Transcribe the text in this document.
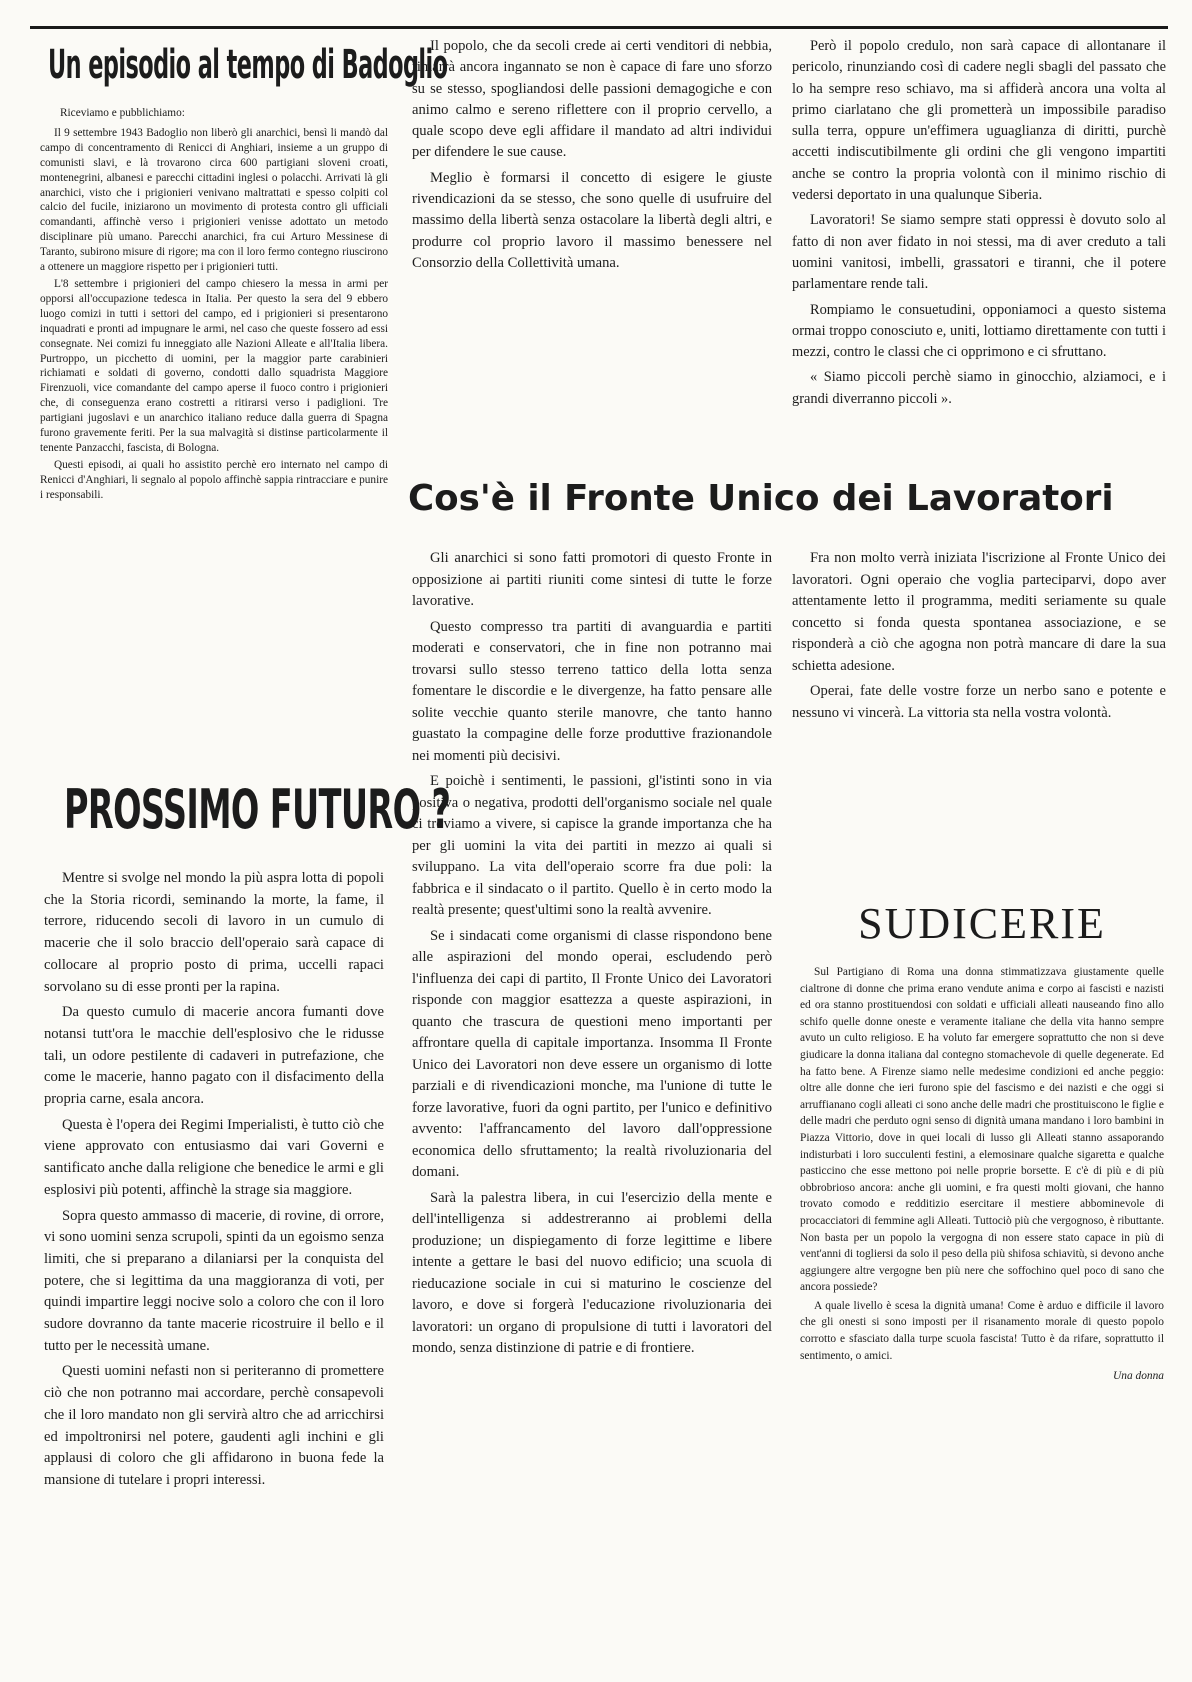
Un episodio al tempo di Badoglio

Riceviamo e pubblichiamo:

Il 9 settembre 1943 Badoglio non liberò gli anarchici, bensì li mandò dal campo di concentramento di Renicci di Anghiari, insieme a un gruppo di comunisti slavi, e là trovarono circa 600 partigiani sloveni croati, montenegrini, albanesi e parecchi cittadini inglesi o polacchi. Arrivati là gli anarchici, visto che i prigionieri venivano maltrattati e spesso colpiti col calcio del fucile, iniziarono un movimento di protesta contro gli ufficiali comandanti, affinchè verso i prigionieri venisse adottato un metodo disciplinare più umano. Parecchi anarchici, fra cui Arturo Messinese di Taranto, subirono misure di rigore; ma con il loro fermo contegno riuscirono a ottenere un maggiore rispetto per i prigionieri tutti.

L'8 settembre i prigionieri del campo chiesero la messa in armi per opporsi all'occupazione tedesca in Italia. Per questo la sera del 9 ebbero luogo comizi in tutti i settori del campo, ed i prigionieri si presentarono inquadrati e pronti ad impugnare le armi, nel caso che queste fossero ad essi consegnate. Nei comizi fu inneggiato alle Nazioni Alleate e all'Italia libera. Purtroppo, un picchetto di uomini, per la maggior parte carabinieri richiamati e soldati di governo, condotti dallo squadrista Maggiore Firenzuoli, vice comandante del campo aperse il fuoco contro i prigionieri che, di conseguenza erano costretti a ritirarsi verso i padiglioni. Tre partigiani jugoslavi e un anarchico italiano reduce dalla guerra di Spagna furono gravemente feriti. Per la sua malvagità si distinse particolarmente il tenente Panzacchi, fascista, di Bologna.

Questi episodi, ai quali ho assistito perchè ero internato nel campo di Renicci d'Anghiari, li segnalo al popolo affinchè sappia rintracciare e punire i responsabili.

PROSSIMO FUTURO ?

Mentre si svolge nel mondo la più aspra lotta di popoli che la Storia ricordi, seminando la morte, la fame, il terrore, riducendo secoli di lavoro in un cumulo di macerie che il solo braccio dell'operaio sarà capace di collocare al proprio posto di prima, uccelli rapaci sorvolano su di esse pronti per la rapina.

Da questo cumulo di macerie ancora fumanti dove notansi tutt'ora le macchie dell'esplosivo che le ridusse tali, un odore pestilente di cadaveri in putrefazione, che come le macerie, hanno pagato con il disfacimento della propria carne, esala ancora.

Questa è l'opera dei Regimi Imperialisti, è tutto ciò che viene approvato con entusiasmo dai vari Governi e santificato anche dalla religione che benedice le armi e gli esplosivi più potenti, affinchè la strage sia maggiore.

Sopra questo ammasso di macerie, di rovine, di orrore, vi sono uomini senza scrupoli, spinti da un egoismo senza limiti, che si preparano a dilaniarsi per la conquista del potere, che si legittima da una maggioranza di voti, per quindi impartire leggi nocive solo a coloro che con il loro sudore dovranno da tante macerie ricostruire il bello e il tutto per le necessità umane.

Questi uomini nefasti non si periteranno di promettere ciò che non potranno mai accordare, perchè consapevoli che il loro mandato non gli servirà altro che ad arricchirsi ed impoltronirsi nel potere, gaudenti agli inchini e gli applausi di coloro che gli affidarono in buona fede la mansione di tutelare i propri interessi.

Il popolo, che da secoli crede ai certi venditori di nebbia, rimarrà ancora ingannato se non è capace di fare uno sforzo su se stesso, spogliandosi delle passioni demagogiche e con animo calmo e sereno riflettere con il proprio cervello, a quale scopo deve egli affidare il mandato ad altri individui per difendere le sue cause.

Meglio è formarsi il concetto di esigere le giuste rivendicazioni da se stesso, che sono quelle di usufruire del massimo della libertà senza ostacolare la libertà degli altri, e produrre col proprio lavoro il massimo benessere nel Consorzio della Collettività umana.

Però il popolo credulo, non sarà capace di allontanare il pericolo, rinunziando così di cadere negli sbagli del passato che lo ha sempre reso schiavo, ma si affiderà ancora una volta al primo ciarlatano che gli prometterà un impossibile paradiso sulla terra, oppure un'effimera uguaglianza di diritti, purchè accetti indiscutibilmente gli ordini che gli vengono impartiti anche se contro la propria volontà con il minimo rischio di vedersi deportato in una qualunque Siberia.

Lavoratori! Se siamo sempre stati oppressi è dovuto solo al fatto di non aver fidato in noi stessi, ma di aver creduto a tali uomini vanitosi, imbelli, grassatori e tiranni, che il potere parlamentare rende tali.

Rompiamo le consuetudini, opponiamoci a questo sistema ormai troppo conosciuto e, uniti, lottiamo direttamente con tutti i mezzi, contro le classi che ci opprimono e ci sfruttano.

« Siamo piccoli perchè siamo in ginocchio, alziamoci, e i grandi diverranno piccoli ».

Cos'è il Fronte Unico dei Lavoratori

Gli anarchici si sono fatti promotori di questo Fronte in opposizione ai partiti riuniti come sintesi di tutte le forze lavorative.

Questo compresso tra partiti di avanguardia e partiti moderati e conservatori, che in fine non potranno mai trovarsi sullo stesso terreno tattico della lotta senza fomentare le discordie e le divergenze, ha fatto pensare alle solite vecchie quanto sterile manovre, che tanto hanno guastato la compagine delle forze produttive frazionandole nei momenti più decisivi.

E poichè i sentimenti, le passioni, gl'istinti sono in via positiva o negativa, prodotti dell'organismo sociale nel quale ci troviamo a vivere, si capisce la grande importanza che ha per gli uomini la vita dei partiti in mezzo ai quali si sviluppano. La vita dell'operaio scorre fra due poli: la fabbrica e il sindacato o il partito. Quello è in certo modo la realtà presente; quest'ultimi sono la realtà avvenire.

Se i sindacati come organismi di classe rispondono bene alle aspirazioni del mondo operai, escludendo però l'influenza dei capi di partito, Il Fronte Unico dei Lavoratori risponde con maggior esattezza a queste aspirazioni, in quanto che trascura de questioni meno importanti per affrontare quella di capitale importanza. Insomma Il Fronte Unico dei Lavoratori non deve essere un organismo di lotte parziali e di rivendicazioni monche, ma l'unione di tutte le forze lavorative, fuori da ogni partito, per l'unico e definitivo avvento: l'affrancamento del lavoro dall'oppressione economica dello sfruttamento; la realtà rivoluzionaria del domani.

Sarà la palestra libera, in cui l'esercizio della mente e dell'intelligenza si addestreranno ai problemi della produzione; un dispiegamento di forze legittime e libere intente a gettare le basi del nuovo edificio; una scuola di rieducazione sociale in cui si maturino le coscienze del lavoro, e dove si forgerà l'educazione rivoluzionaria dei lavoratori: un organo di propulsione di tutti i lavoratori del mondo, senza distinzione di patrie e di frontiere.

Fra non molto verrà iniziata l'iscrizione al Fronte Unico dei lavoratori. Ogni operaio che voglia parteciparvi, dopo aver attentamente letto il programma, mediti seriamente su quale concetto si fonda questa spontanea associazione, e se risponderà a ciò che agogna non potrà mancare di dare la sua schietta adesione.

Operai, fate delle vostre forze un nerbo sano e potente e nessuno vi vincerà. La vittoria sta nella vostra volontà.

SUDICERIE

Sul Partigiano di Roma una donna stimmatizzava giustamente quelle cialtrone di donne che prima erano vendute anima e corpo ai fascisti e nazisti ed ora stanno prostituendosi con soldati e ufficiali alleati nauseando fino allo schifo quelle donne oneste e veramente italiane che della vita hanno sempre avuto un culto religioso. E ha voluto far emergere soprattutto che non si deve giudicare la donna italiana dal contegno stomachevole di quelle degenerate. Ed ha fatto bene. A Firenze siamo nelle medesime condizioni ed anche peggio: oltre alle donne che ieri furono spie del fascismo e dei nazisti e che oggi si arruffianano cogli alleati ci sono anche delle madri che prostituiscono le figlie e delle madri che perduto ogni senso di dignità umana mandano i loro bambini in Piazza Vittorio, dove in quei locali di lusso gli Alleati stanno assaporando indisturbati i loro succulenti festini, a elemosinare qualche sigaretta e qualche pasticcino che esse mettono poi nelle proprie borsette. E c'è di più e di più obbrobrioso ancora: anche gli uomini, e fra questi molti giovani, che hanno trovato comodo e redditizio esercitare il mestiere abbominevole di procacciatori di femmine agli Alleati. Tuttociò più che vergognoso, è ributtante. Non basta per un popolo la vergogna di non essere stato capace in più di vent'anni di togliersi da solo il peso della più shifosa schiavitù, si devono anche aggiungere altre vergogne ben più nere che soffochino quel poco di sano che ancora possiede?

A quale livello è scesa la dignità umana! Come è arduo e difficile il lavoro che gli onesti si sono imposti per il risanamento morale di questo popolo corrotto e sfasciato dalla turpe scuola fascista! Tutto è da rifare, soprattutto il sentimento, o amici.

Una donna
